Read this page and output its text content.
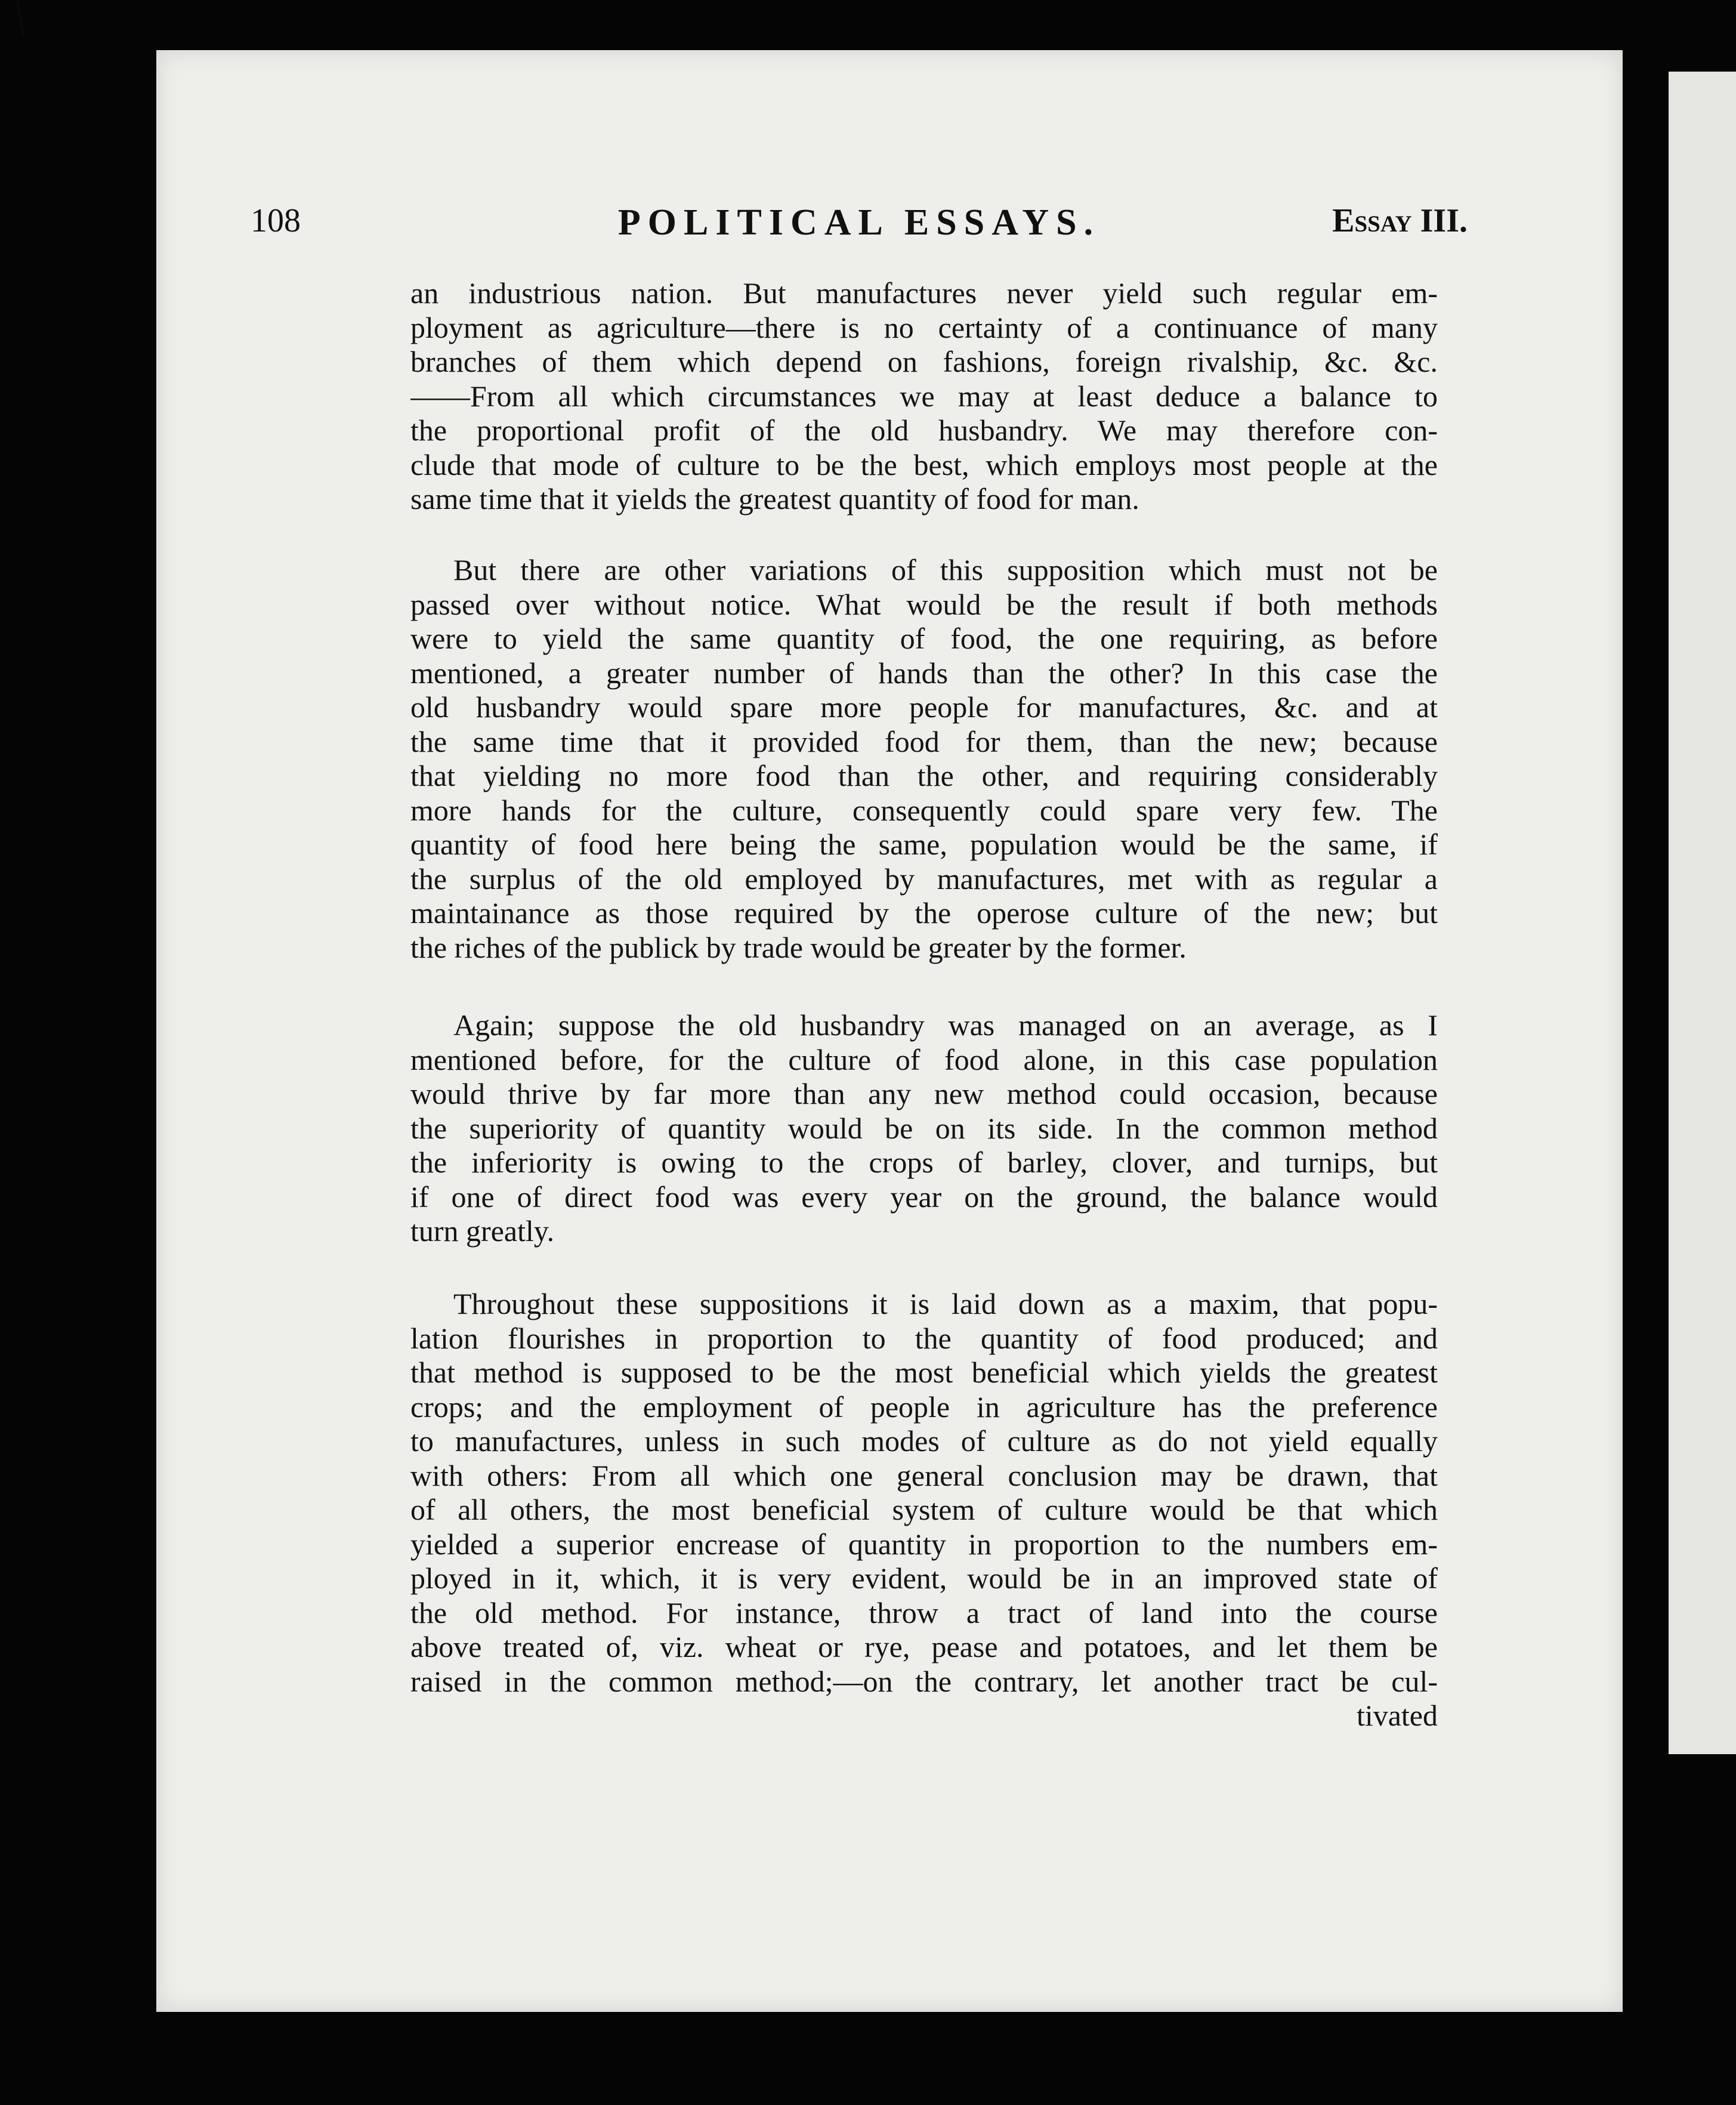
108	POLITICAL ESSAYS.	Essay III.
an industrious nation. But manufactures never yield such regular em-
ployment as agriculture—there is no certainty of a continuance of many
branches of them which depend on fashions, foreign rivalship, &c. &c.
——From all which circumstances we may at least deduce a balance to
the proportional profit of the old husbandry. We may therefore con-
clude that mode of culture to be the best, which employs most people at the
same time that it yields the greatest quantity of food for man.
But there are other variations of this supposition which must not be
passed over without notice. What would be the result if both methods
were to yield the same quantity of food, the one requiring, as before
mentioned, a greater number of hands than the other? In this case the
old husbandry would spare more people for manufactures, &c. and at
the same time that it provided food for them, than the new; because
that yielding no more food than the other, and requiring considerably
more hands for the culture, consequently could spare very few. The
quantity of food here being the same, population would be the same, if
the surplus of the old employed by manufactures, met with as regular a
maintainance as those required by the operose culture of the new; but
the riches of the publick by trade would be greater by the former.
Again; suppose the old husbandry was managed on an average, as I
mentioned before, for the culture of food alone, in this case population
would thrive by far more than any new method could occasion, because
the superiority of quantity would be on its side. In the common method
the inferiority is owing to the crops of barley, clover, and turnips, but
if one of direct food was every year on the ground, the balance would
turn greatly.
Throughout these suppositions it is laid down as a maxim, that popu-
lation flourishes in proportion to the quantity of food produced; and
that method is supposed to be the most beneficial which yields the greatest
crops; and the employment of people in agriculture has the preference
to manufactures, unless in such modes of culture as do not yield equally
with others: From all which one general conclusion may be drawn, that
of all others, the most beneficial system of culture would be that which
yielded a superior encrease of quantity in proportion to the numbers em-
ployed in it, which, it is very evident, would be in an improved state of
the old method. For instance, throw a tract of land into the course
above treated of, viz. wheat or rye, pease and potatoes, and let them be
raised in the common method;—on the contrary, let another tract be cul-
tivated
